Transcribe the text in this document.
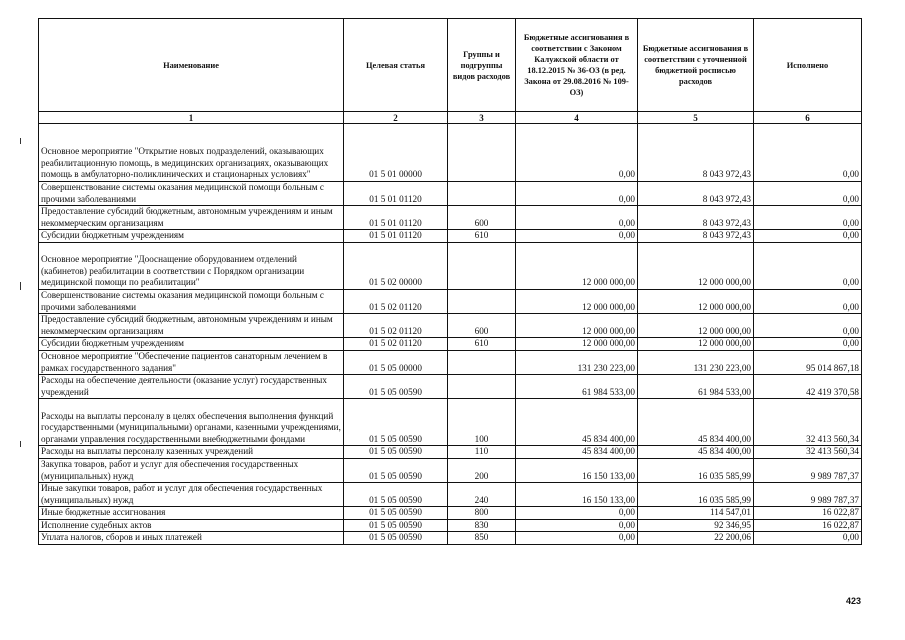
Наименование	Целевая статья	Группы и подгруппы видов расходов	Бюджетные ассигнования в соответствии с Законом Калужской области от 18.12.2015 № 36-ОЗ (в ред. Закона от 29.08.2016 № 109-ОЗ)	Бюджетные ассигнования в соответствии с уточненной бюджетной росписью расходов	Исполнено
1	2	3	4	5	6
Основное мероприятие "Открытие новых подразделений, оказывающих реабилитационную помощь, в медицинских организациях, оказывающих помощь в амбулаторно-поликлинических и стационарных условиях"	01 5 01 00000		0,00	8 043 972,43	0,00
Совершенствование системы оказания медицинской помощи больным с прочими заболеваниями	01 5 01 01120		0,00	8 043 972,43	0,00
Предоставление субсидий бюджетным, автономным учреждениям и иным некоммерческим организациям	01 5 01 01120	600	0,00	8 043 972,43	0,00
Субсидии бюджетным учреждениям	01 5 01 01120	610	0,00	8 043 972,43	0,00
Основное мероприятие "Дооснащение оборудованием отделений (кабинетов) реабилитации в соответствии с Порядком организации медицинской помощи по реабилитации"	01 5 02 00000		12 000 000,00	12 000 000,00	0,00
Совершенствование системы оказания медицинской помощи больным с прочими заболеваниями	01 5 02 01120		12 000 000,00	12 000 000,00	0,00
Предоставление субсидий бюджетным, автономным учреждениям и иным некоммерческим организациям	01 5 02 01120	600	12 000 000,00	12 000 000,00	0,00
Субсидии бюджетным учреждениям	01 5 02 01120	610	12 000 000,00	12 000 000,00	0,00
Основное мероприятие "Обеспечение пациентов санаторным лечением в рамках государственного задания"	01 5 05 00000		131 230 223,00	131 230 223,00	95 014 867,18
Расходы на обеспечение деятельности (оказание услуг) государственных учреждений	01 5 05 00590		61 984 533,00	61 984 533,00	42 419 370,58
Расходы на выплаты персоналу в целях обеспечения выполнения функций государственными (муниципальными) органами, казенными учреждениями, органами управления государственными внебюджетными фондами	01 5 05 00590	100	45 834 400,00	45 834 400,00	32 413 560,34
Расходы на выплаты персоналу казенных учреждений	01 5 05 00590	110	45 834 400,00	45 834 400,00	32 413 560,34
Закупка товаров, работ и услуг для обеспечения государственных (муниципальных) нужд	01 5 05 00590	200	16 150 133,00	16 035 585,99	9 989 787,37
Иные закупки товаров, работ и услуг для обеспечения государственных (муниципальных) нужд	01 5 05 00590	240	16 150 133,00	16 035 585,99	9 989 787,37
Иные бюджетные ассигнования	01 5 05 00590	800	0,00	114 547,01	16 022,87
Исполнение судебных актов	01 5 05 00590	830	0,00	92 346,95	16 022,87
Уплата налогов, сборов и иных платежей	01 5 05 00590	850	0,00	22 200,06	0,00
423
